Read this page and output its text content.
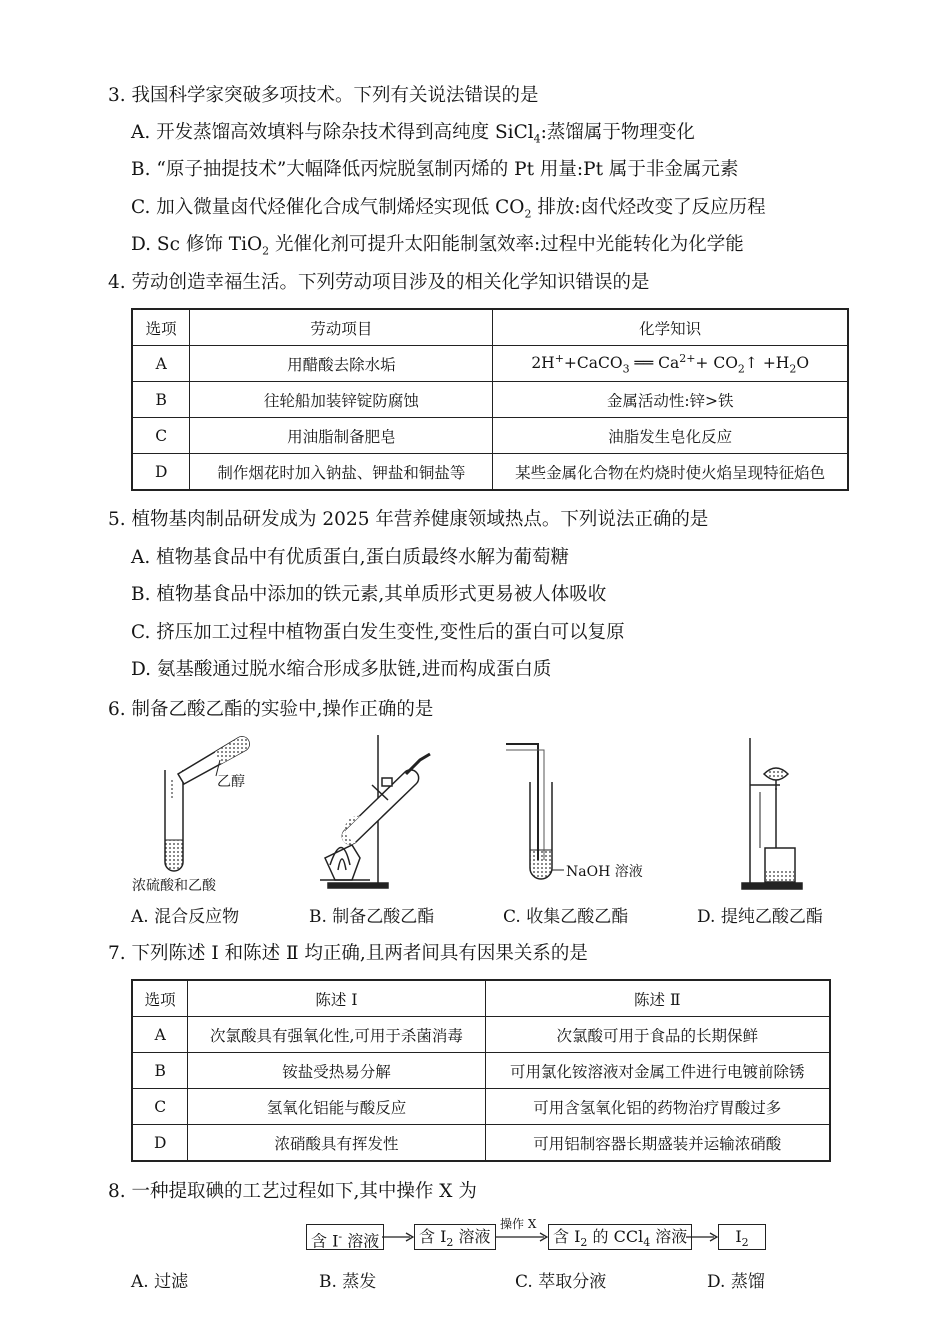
3. 我国科学家突破多项技术。下列有关说法错误的是
A. 开发蒸馏高效填料与除杂技术得到高纯度 SiCl$_4$:蒸馏属于物理变化
B. “原子抽提技术”大幅降低丙烷脱氢制丙烯的 Pt 用量:Pt 属于非金属元素
C. 加入微量卤代烃催化合成气制烯烃实现低 $CO_2$ 排放:卤代烃改变了反应历程
D. Sc 修饰 TiO$_2$ 光催化剂可提升太阳能制氢效率:过程中光能转化为化学能
4. 劳动创造幸福生活。下列劳动项目涉及的相关化学知识错误的是
选项	劳动项目	化学知识
A	用醋酸去除水垢	2H++CaCO$_3$ ══ $Ca^{2+}+$ $CO_2↑ +H_2O$
B	往轮船加装锌锭防腐蚀	金属活动性:锌>铁
C	用油脂制备肥皂	油脂发生皂化反应
D	制作烟花时加入钠盐、钾盐和铜盐等	某些金属化合物在灼烧时使火焰呈现特征焰色
5. 植物基肉制品研发成为 2025 年营养健康领域热点。下列说法正确的是
A. 植物基食品中有优质蛋白,蛋白质最终水解为葡萄糖
B. 植物基食品中添加的铁元素,其单质形式更易被人体吸收
C. 挤压加工过程中植物蛋白发生变性,变性后的蛋白可以复原
D. 氨基酸通过脱水缩合形成多肽链,进而构成蛋白质
6. 制备乙酸乙酯的实验中,操作正确的是
乙醇
浓硫酸和乙酸
NaOH 溶液
A. 混合反应物	B. 制备乙酸乙酯	C. 收集乙酸乙酯	D. 提纯乙酸乙酯
7. 下列陈述 Ⅰ 和陈述 Ⅱ 均正确,且两者间具有因果关系的是
选项	陈述 Ⅰ	陈述 Ⅱ
A	次氯酸具有强氧化性,可用于杀菌消毒	次氯酸可用于食品的长期保鲜
B	铵盐受热易分解	可用氯化铵溶液对金属工件进行电镀前除锈
C	氢氧化铝能与酸反应	可用含氢氧化铝的药物治疗胃酸过多
D	浓硝酸具有挥发性	可用铝制容器长期盛装并运输浓硝酸
8. 一种提取碘的工艺过程如下,其中操作 X 为
含 I- 溶液	含 $I_2$ 溶液
操作 X
含 $I_2$ 的 CCl$_4$ 溶液	$I_2$
A. 过滤	B. 蒸发	C. 萃取分液	D. 蒸馏
